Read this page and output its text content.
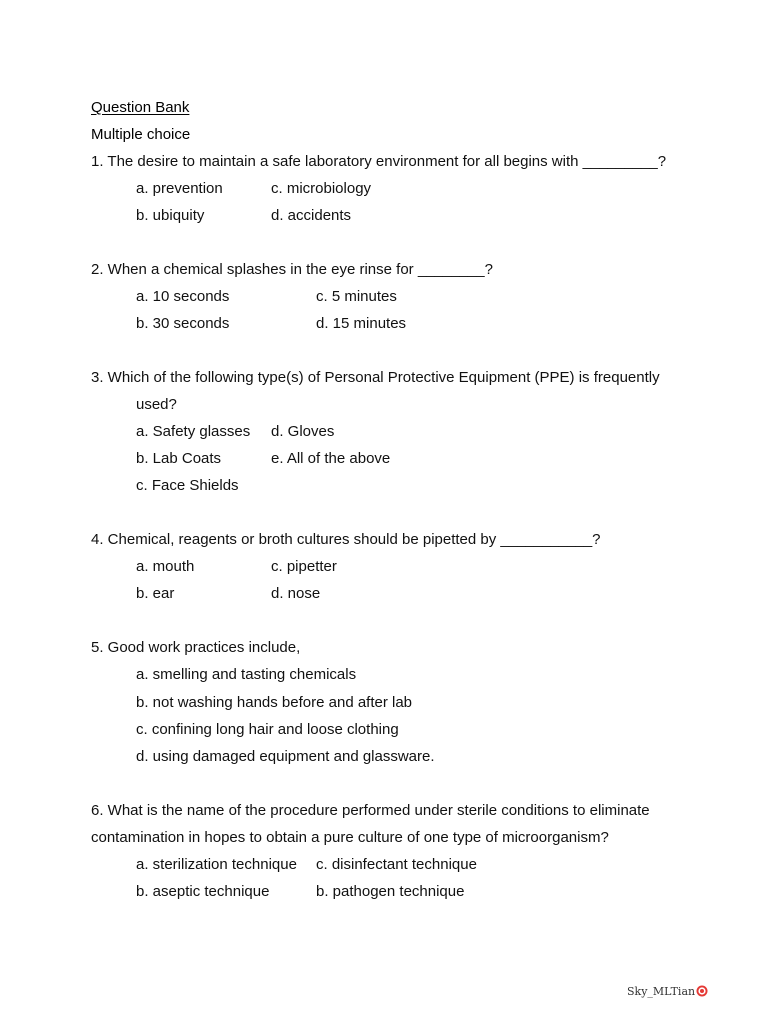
Question Bank
Multiple choice
1. The desire to maintain a safe laboratory environment for all begins with _________?
a. prevention	c. microbiology
b. ubiquity	d. accidents
2. When a chemical splashes in the eye rinse for ________?
a. 10 seconds	c. 5 minutes
b. 30 seconds	d. 15 minutes
3. Which of the following type(s) of Personal Protective Equipment (PPE) is frequently
used?
a. Safety glasses d. Gloves
b. Lab Coats	e. All of the above
c. Face Shields
4. Chemical, reagents or broth cultures should be pipetted by ___________?
a. mouth	c. pipetter
b. ear	d. nose
5. Good work practices include,
a. smelling and tasting chemicals
b. not washing hands before and after lab
c. confining long hair and loose clothing
d. using damaged equipment and glassware.
6. What is the name of the procedure performed under sterile conditions to eliminate
contamination in hopes to obtain a pure culture of one type of microorganism?
a. sterilization technique c. disinfectant technique
b. aseptic technique	b. pathogen technique
Sky_MLTian
